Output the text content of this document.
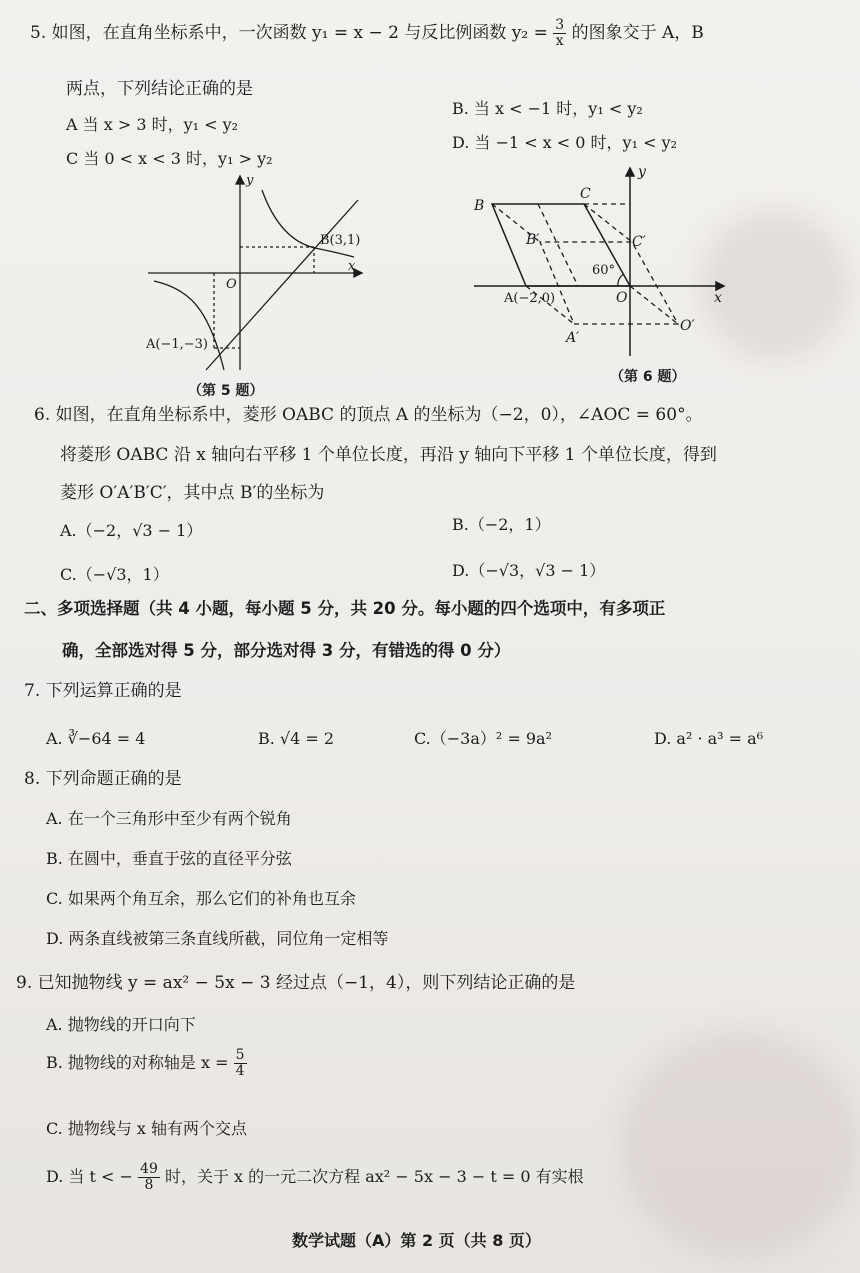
5. 如图，在直角坐标系中，一次函数 y₁ = x − 2 与反比例函数 $y_2 = \frac{3}{x}$ 的图象交于 A，B
两点，下列结论正确的是
A 当 x > 3 时，y₁ < y₂
B. 当 x < −1 时，y₁ < y₂
C 当 0 < x < 3 时，y₁ > y₂
D. 当 −1 < x < 0 时，y₁ < y₂
y
x
O
B(3,1)
A(−1,−3)
（第 5 题）
y
x
O
B
C
B′	C′
A(−2,0)
A′
O′
60°
（第 6 题）
6. 如图，在直角坐标系中，菱形 OABC 的顶点 A 的坐标为（−2，0），∠AOC = 60°。
将菱形 OABC 沿 x 轴向右平移 1 个单位长度，再沿 y 轴向下平移 1 个单位长度，得到
菱形 O′A′B′C′，其中点 B′的坐标为
A.（−2，√3 − 1）	B.（−2，1）
C.（−√3，1）	D.（−√3，√3 − 1）
二、多项选择题（共 4 小题，每小题 5 分，共 20 分。每小题的四个选项中，有多项正
确，全部选对得 5 分，部分选对得 3 分，有错选的得 0 分）
7. 下列运算正确的是
A. ∛−64 = 4	B. √4 = 2	C.（−3a）² = 9a²	D. a² · a³ = a⁶
8. 下列命题正确的是
A. 在一个三角形中至少有两个锐角
B. 在圆中，垂直于弦的直径平分弦
C. 如果两个角互余，那么它们的补角也互余
D. 两条直线被第三条直线所截，同位角一定相等
9. 已知抛物线 y = ax² − 5x − 3 经过点（−1，4），则下列结论正确的是
A. 抛物线的开口向下
B. 抛物线的对称轴是 $x = \frac{5}{4}$
C. 抛物线与 x 轴有两个交点
D. 当 t < − $\frac{49}{8}$ 时，关于 x 的一元二次方程 ax² − 5x − 3 − t = 0 有实根
数学试题（A）第 2 页（共 8 页）
